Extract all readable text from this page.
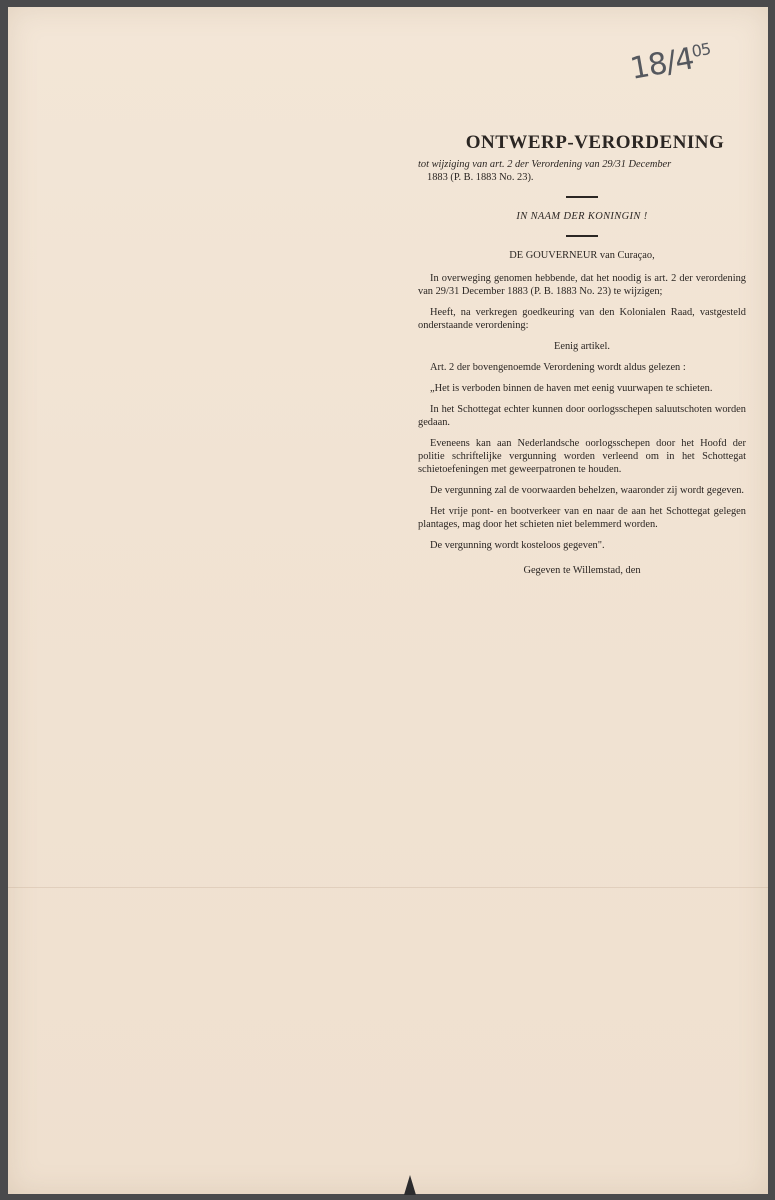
$18/4^{05}$
ONTWERP-VERORDENING
tot wijziging van art. 2 der Verordening van 29/31 December
1883 (P. B. 1883 No. 23).
IN NAAM DER KONINGIN !
DE GOUVERNEUR van Curaçao,

In overweging genomen hebbende, dat het noodig is art. 2 der verordening van 29/31 December 1883 (P. B. 1883 No. 23) te wijzigen;

Heeft, na verkregen goedkeuring van den Kolonialen Raad, vastgesteld onderstaande verordening:

Eenig artikel.

Art. 2 der bovengenoemde Verordening wordt aldus gelezen :

„Het is verboden binnen de haven met eenig vuurwapen te schieten.

In het Schottegat echter kunnen door oorlogsschepen saluutschoten worden gedaan.

Eveneens kan aan Nederlandsche oorlogsschepen door het Hoofd der politie schriftelijke vergunning worden verleend om in het Schottegat schietoefeningen met geweerpatronen te houden.

De vergunning zal de voorwaarden behelzen, waaronder zij wordt gegeven.

Het vrije pont- en bootverkeer van en naar de aan het Schottegat gelegen plantages, mag door het schieten niet belemmerd worden.

De vergunning wordt kosteloos gegeven".

Gegeven te Willemstad, den
